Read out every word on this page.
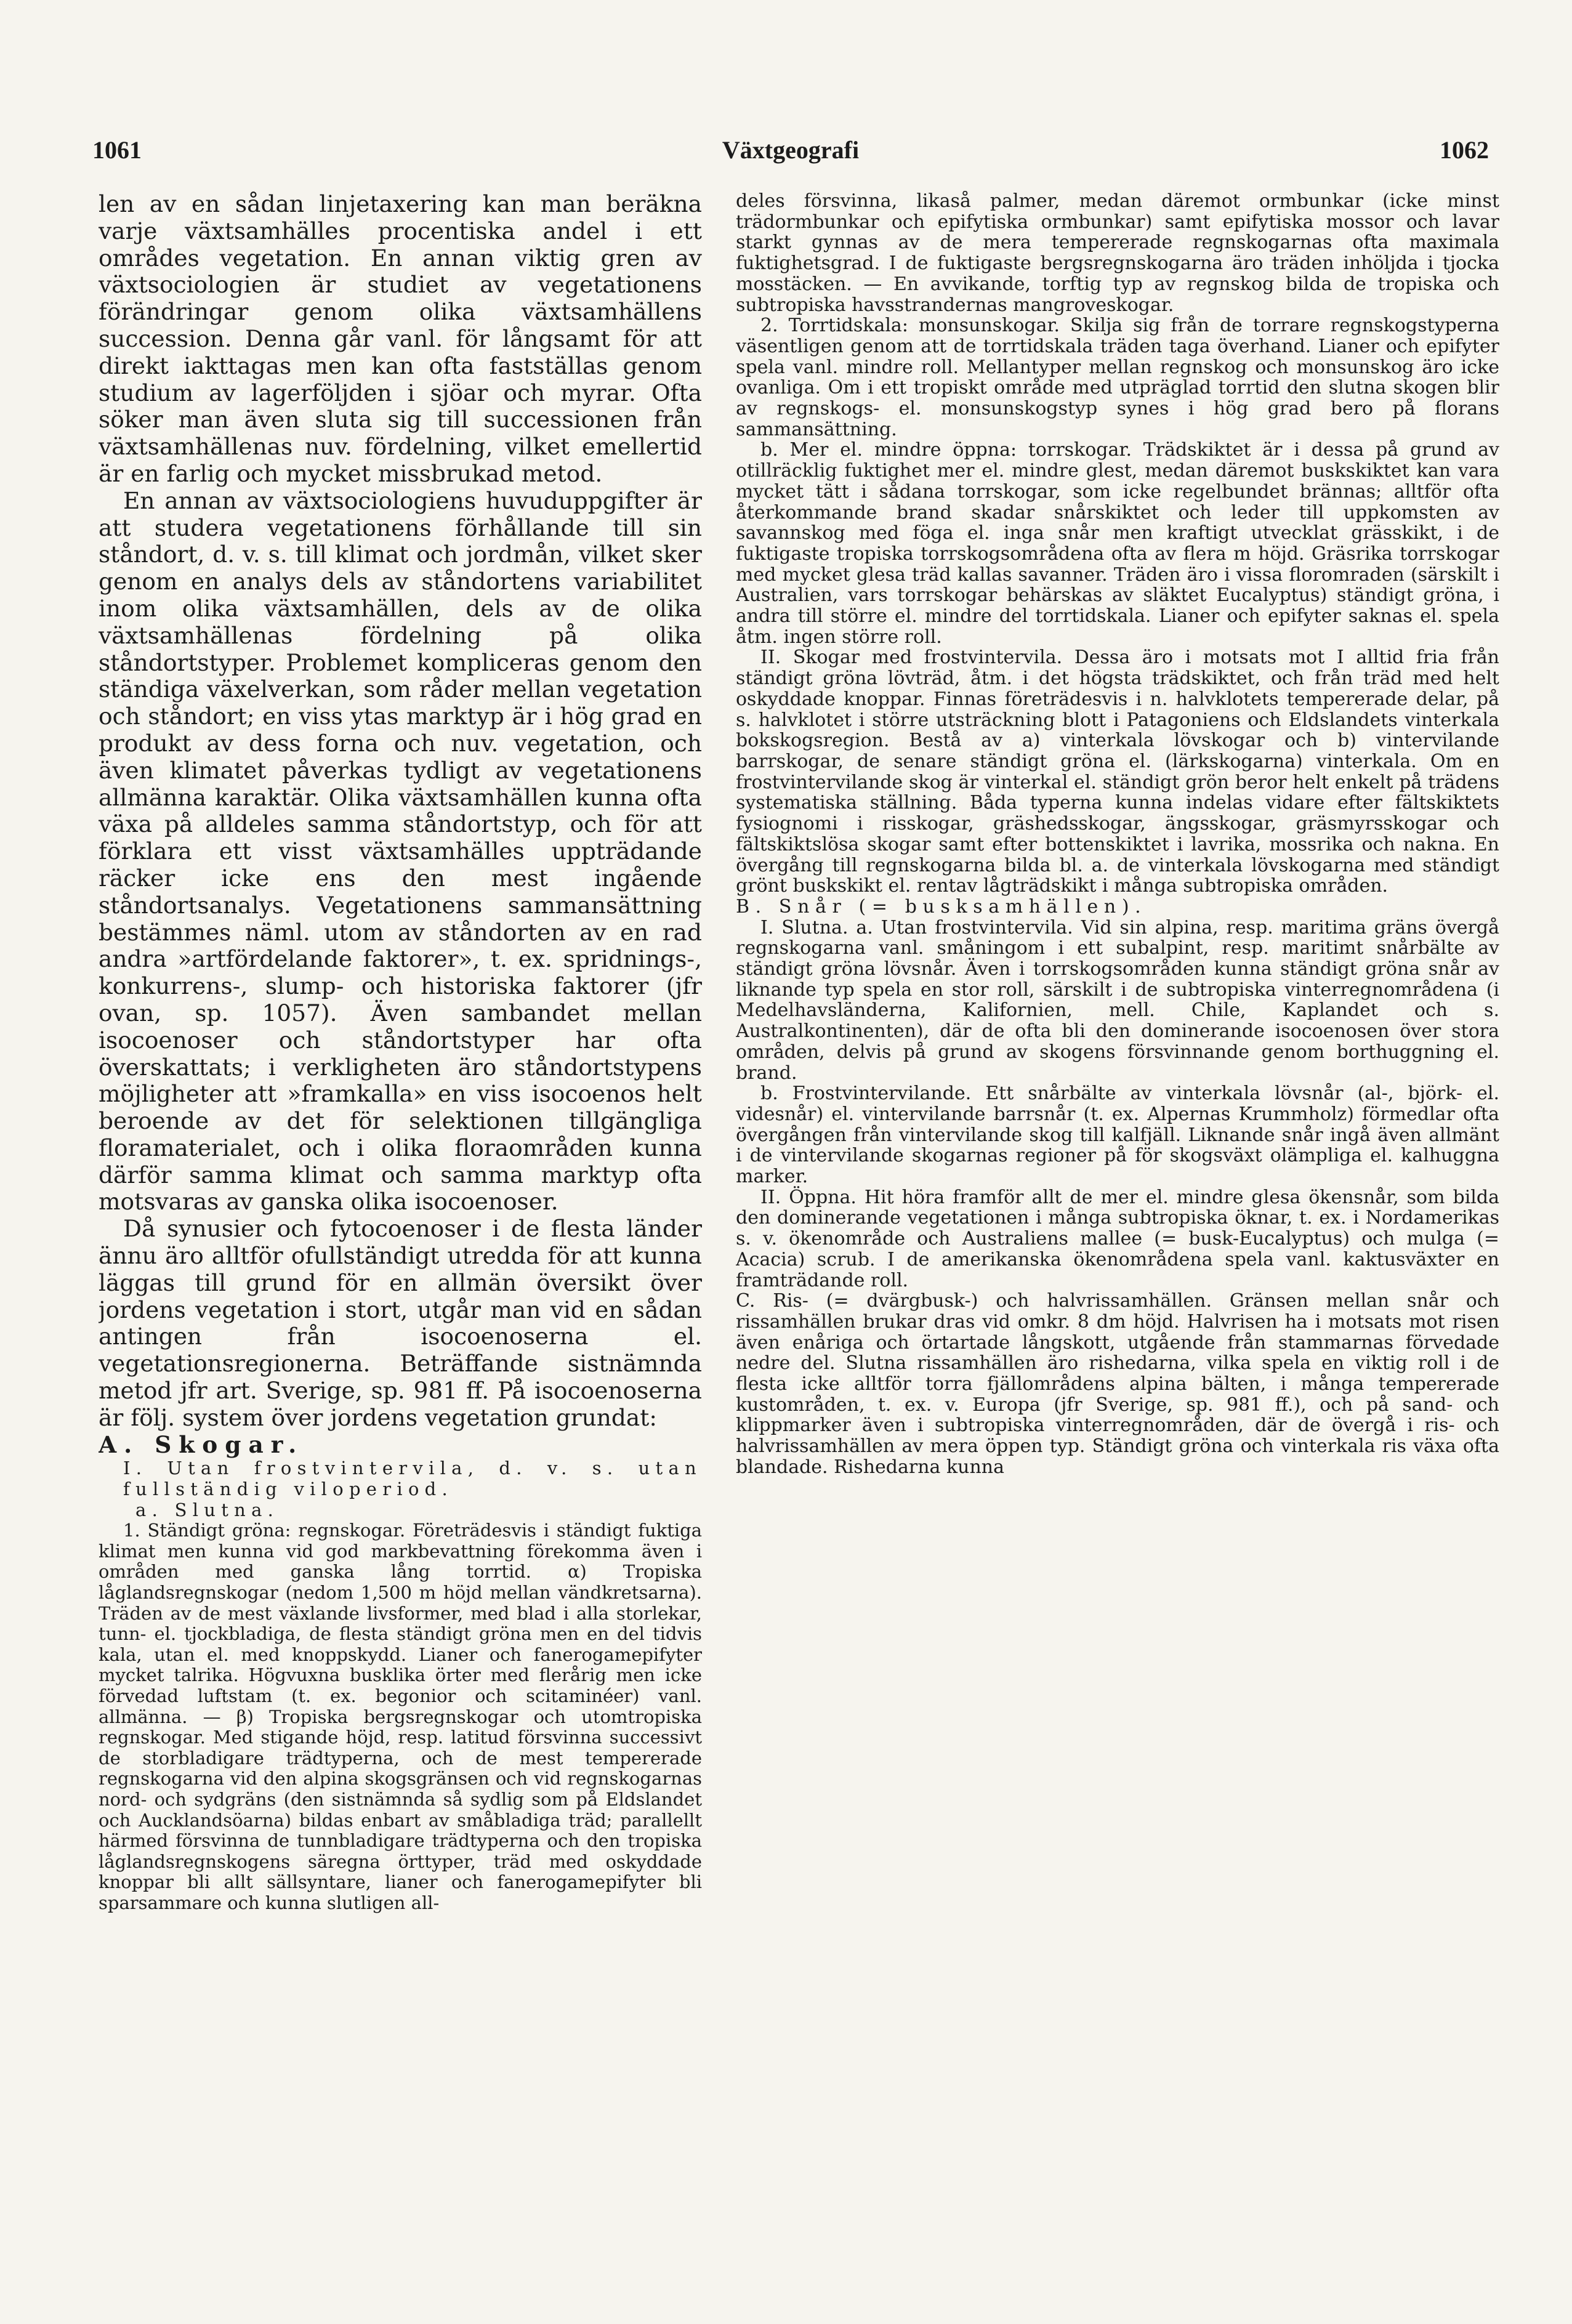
1061	Växtgeografi	1062

len av en sådan linjetaxering kan man beräkna varje växtsamhälles procentiska andel i ett områdes vegetation. En annan viktig gren av växtsociologien är studiet av vegetationens förändringar genom olika växtsamhällens succession. Denna går vanl. för långsamt för att direkt iakttagas men kan ofta fastställas genom studium av lagerföljden i sjöar och myrar. Ofta söker man även sluta sig till successionen från växtsamhällenas nuv. fördelning, vilket emellertid är en farlig och mycket missbrukad metod.

En annan av växtsociologiens huvuduppgifter är att studera vegetationens förhållande till sin ståndort, d. v. s. till klimat och jordmån, vilket sker genom en analys dels av ståndortens variabilitet inom olika växtsamhällen, dels av de olika växtsamhällenas fördelning på olika ståndortstyper. Problemet kompliceras genom den ständiga växelverkan, som råder mellan vegetation och ståndort; en viss ytas marktyp är i hög grad en produkt av dess forna och nuv. vegetation, och även klimatet påverkas tydligt av vegetationens allmänna karaktär. Olika växtsamhällen kunna ofta växa på alldeles samma ståndortstyp, och för att förklara ett visst växtsamhälles uppträdande räcker icke ens den mest ingående ståndortsanalys. Vegetationens sammansättning bestämmes näml. utom av ståndorten av en rad andra »artfördelande faktorer», t. ex. spridnings-, konkurrens-, slump- och historiska faktorer (jfr ovan, sp. 1057). Även sambandet mellan isocoenoser och ståndortstyper har ofta överskattats; i verkligheten äro ståndortstypens möjligheter att »framkalla» en viss isocoenos helt beroende av det för selektionen tillgängliga floramaterialet, och i olika floraområden kunna därför samma klimat och samma marktyp ofta motsvaras av ganska olika isocoenoser.

Då synusier och fytocoenoser i de flesta länder ännu äro alltför ofullständigt utredda för att kunna läggas till grund för en allmän översikt över jordens vegetation i stort, utgår man vid en sådan antingen från isocoenoserna el. vegetationsregionerna. Beträffande sistnämnda metod jfr art. Sverige, sp. 981 ff. På isocoenoserna är följ. system över jordens vegetation grundat:

A. Skogar.

I. Utan frostvintervila, d. v. s. utan fullständig viloperiod.

a. Slutna.

1. Ständigt gröna: regnskogar. Företrädesvis i ständigt fuktiga klimat men kunna vid god markbevattning förekomma även i områden med ganska lång torrtid. α) Tropiska låglandsregnskogar (nedom 1,500 m höjd mellan vändkretsarna). Träden av de mest växlande livsformer, med blad i alla storlekar, tunn- el. tjockbladiga, de flesta ständigt gröna men en del tidvis kala, utan el. med knoppskydd. Lianer och fanerogamepifyter mycket talrika. Högvuxna busklika örter med flerårig men icke förvedad luftstam (t. ex. begonior och scitaminéer) vanl. allmänna. — β) Tropiska bergsregnskogar och utomtropiska regnskogar. Med stigande höjd, resp. latitud försvinna successivt de storbladigare trädtyperna, och de mest tempererade regnskogarna vid den alpina skogsgränsen och vid regnskogarnas nord- och sydgräns (den sistnämnda så sydlig som på Eldslandet och Aucklandsöarna) bildas enbart av småbladiga träd; parallellt härmed försvinna de tunnbladigare trädtyperna och den tropiska låglandsregnskogens säregna örttyper, träd med oskyddade knoppar bli allt sällsyntare, lianer och fanerogamepifyter bli sparsammare och kunna slutligen all-

deles försvinna, likaså palmer, medan däremot ormbunkar (icke minst trädormbunkar och epifytiska ormbunkar) samt epifytiska mossor och lavar starkt gynnas av de mera tempererade regnskogarnas ofta maximala fuktighetsgrad. I de fuktigaste bergsregnskogarna äro träden inhöljda i tjocka mosstäcken. — En avvikande, torftig typ av regnskog bilda de tropiska och subtropiska havsstrandernas mangroveskogar.

2. Torrtidskala: monsunskogar. Skilja sig från de torrare regnskogstyperna väsentligen genom att de torrtidskala träden taga överhand. Lianer och epifyter spela vanl. mindre roll. Mellantyper mellan regnskog och monsunskog äro icke ovanliga. Om i ett tropiskt område med utpräglad torrtid den slutna skogen blir av regnskogs- el. monsunskogstyp synes i hög grad bero på florans sammansättning.

b. Mer el. mindre öppna: torrskogar. Trädskiktet är i dessa på grund av otillräcklig fuktighet mer el. mindre glest, medan däremot buskskiktet kan vara mycket tätt i sådana torrskogar, som icke regelbundet brännas; alltför ofta återkommande brand skadar snårskiktet och leder till uppkomsten av savannskog med föga el. inga snår men kraftigt utvecklat grässkikt, i de fuktigaste tropiska torrskogsområdena ofta av flera m höjd. Gräsrika torrskogar med mycket glesa träd kallas savanner. Träden äro i vissa floromraden (särskilt i Australien, vars torrskogar behärskas av släktet Eucalyptus) ständigt gröna, i andra till större el. mindre del torrtidskala. Lianer och epifyter saknas el. spela åtm. ingen större roll.

II. Skogar med frostvintervila. Dessa äro i motsats mot I alltid fria från ständigt gröna lövträd, åtm. i det högsta trädskiktet, och från träd med helt oskyddade knoppar. Finnas företrädesvis i n. halvklotets tempererade delar, på s. halvklotet i större utsträckning blott i Patagoniens och Eldslandets vinterkala bokskogsregion. Bestå av a) vinterkala lövskogar och b) vintervilande barrskogar, de senare ständigt gröna el. (lärkskogarna) vinterkala. Om en frostvintervilande skog är vinterkal el. ständigt grön beror helt enkelt på trädens systematiska ställning. Båda typerna kunna indelas vidare efter fältskiktets fysiognomi i risskogar, gräshedsskogar, ängsskogar, gräsmyrsskogar och fältskiktslösa skogar samt efter bottenskiktet i lavrika, mossrika och nakna. En övergång till regnskogarna bilda bl. a. de vinterkala lövskogarna med ständigt grönt buskskikt el. rentav lågträdskikt i många subtropiska områden.

B. Snår (= busksamhällen).

I. Slutna. a. Utan frostvintervila. Vid sin alpina, resp. maritima gräns övergå regnskogarna vanl. småningom i ett subalpint, resp. maritimt snårbälte av ständigt gröna lövsnår. Även i torrskogsområden kunna ständigt gröna snår av liknande typ spela en stor roll, särskilt i de subtropiska vinterregnområdena (i Medelhavsländerna, Kalifornien, mell. Chile, Kaplandet och s. Australkontinenten), där de ofta bli den dominerande isocoenosen över stora områden, delvis på grund av skogens försvinnande genom borthuggning el. brand.

b. Frostvintervilande. Ett snårbälte av vinterkala lövsnår (al-, björk- el. videsnår) el. vintervilande barrsnår (t. ex. Alpernas Krummholz) förmedlar ofta övergången från vintervilande skog till kalfjäll. Liknande snår ingå även allmänt i de vintervilande skogarnas regioner på för skogsväxt olämpliga el. kalhuggna marker.

II. Öppna. Hit höra framför allt de mer el. mindre glesa ökensnår, som bilda den dominerande vegetationen i många subtropiska öknar, t. ex. i Nordamerikas s. v. ökenområde och Australiens mallee (= busk-Eucalyptus) och mulga (= Acacia) scrub. I de amerikanska ökenområdena spela vanl. kaktusväxter en framträdande roll.

C. Ris- (= dvärgbusk-) och halvrissamhällen. Gränsen mellan snår och rissamhällen brukar dras vid omkr. 8 dm höjd. Halvrisen ha i motsats mot risen även enåriga och örtartade långskott, utgående från stammarnas förvedade nedre del. Slutna rissamhällen äro rishedarna, vilka spela en viktig roll i de flesta icke alltför torra fjällområdens alpina bälten, i många tempererade kustområden, t. ex. v. Europa (jfr Sverige, sp. 981 ff.), och på sand- och klippmarker även i subtropiska vinterregnområden, där de övergå i ris- och halvrissamhällen av mera öppen typ. Ständigt gröna och vinterkala ris växa ofta blandade. Rishedarna kunna
